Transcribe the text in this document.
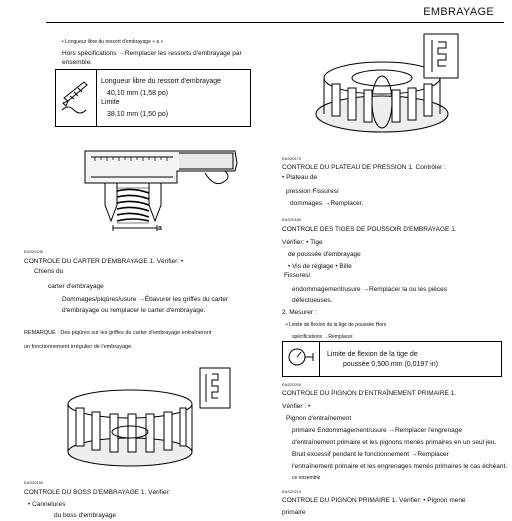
EMBRAYAGE
• Longueur libre du ressort d'embrayage « a »
Hors spécifications →Remplacer les ressorts d'embrayage par
ensemble.
Longueur libre du ressort d'embrayage
40,10 mm (1,58 po)
Limite
38,10 mm (1,50 po)
a
EAS20140
CONTROLE DU CARTER D'EMBRAYAGE 1. Vérifier: •
Chiens du
carter d'embrayage
Dommages/piqûres/usure →Ébavurer les griffes du carter
d'embrayage ou remplacer le carter d'embrayage.
REMARQUE : Des piqûres sur les griffes du carter d'embrayage entraîneront
un fonctionnement irrégulier de l'embrayage.
EAS20150
CONTROLE DU BOSS D'EMBRAYAGE 1. Vérifier:
• Cannelures
du boss d'embrayage
EAS20170
CONTROLE DU PLATEAU DE PRESSION 1. Contrôler :
• Plateau de
pression Fissures/
dommages →Remplacer.
EAS20180
CONTROLE DES TIGES DE POUSSOIR D'EMBRAYAGE 1.
Vérifier: • Tige
de poussée d'embrayage
• Vis de réglage • Bille
Fissures/
endommagement/usure →Remplacer la ou les pièces
défectueuses.
2. Mesurer :
• Limite de flexion de la tige de poussée Hors
spécifications →Remplacer.
Limite de flexion de la tige de
poussée 0,500 mm (0,0197 in)
EAS20200
CONTROLE DU PIGNON D'ENTRAÎNEMENT PRIMAIRE 1.
Vérifier : •
Pignon d'entraînement
primaire Endommagement/usure →Remplacer l'engrenage
d'entraînement primaire et les pignons menés primaires en un seul jeu.
Bruit excessif pendant le fonctionnement →Remplacer
l'entraînement primaire et les engrenages menés primaires le cas échéant.
ce ensemble
EAS20210
CONTROLE DU PIGNON PRIMAIRE 1. Vérifier: • Pignon mené
primaire
